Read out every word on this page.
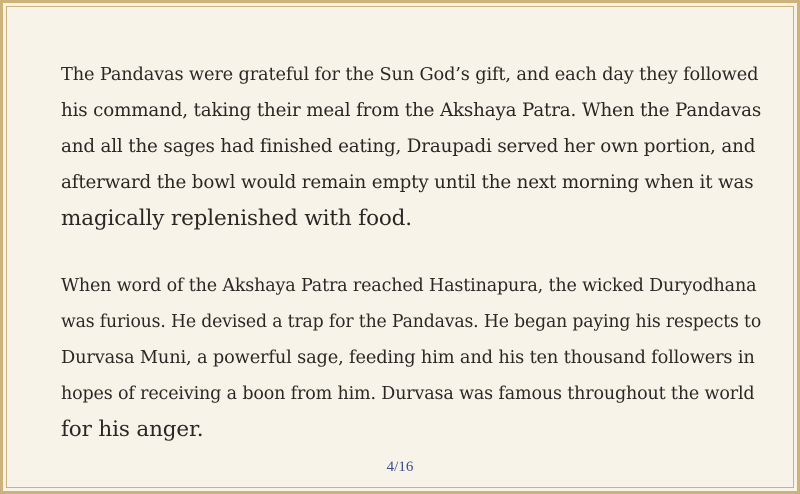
The Pandavas were grateful for the Sun God’s gift, and each day they followed
his command, taking their meal from the Akshaya Patra. When the Pandavas
and all the sages had finished eating, Draupadi served her own portion, and
afterward the bowl would remain empty until the next morning when it was
magically replenished with food.

When word of the Akshaya Patra reached Hastinapura, the wicked Duryodhana
was furious. He devised a trap for the Pandavas. He began paying his respects to
Durvasa Muni, a powerful sage, feeding him and his ten thousand followers in
hopes of receiving a boon from him. Durvasa was famous throughout the world
for his anger.

4/16
